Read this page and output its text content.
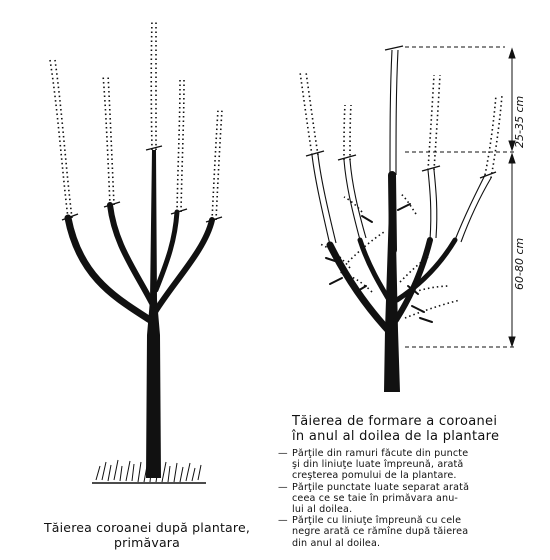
25-35 cm
60-80 cm
Tăierea de formare a coroanei
în anul al doilea de la plantare
— Părţile din ramuri făcute din puncte
şi din liniuţe luate împreună, arată
creşterea pomului de la plantare.
— Părţile punctate luate separat arată
ceea ce se taie în primăvara anu-
lui al doilea.
— Părţile cu liniuţe împreună cu cele
negre arată ce rămîne după tăierea
din anul al doilea.
Tăierea coroanei după plantare,
primăvara
